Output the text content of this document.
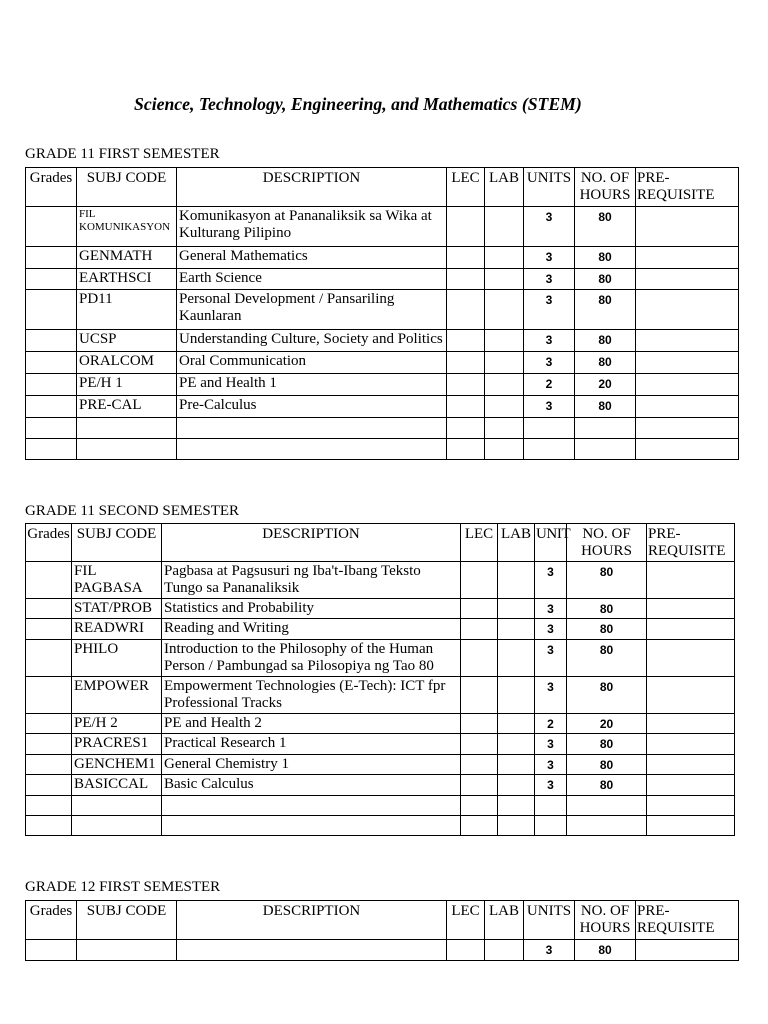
Science, Technology, Engineering, and Mathematics (STEM)
GRADE 11 FIRST SEMESTER
Grades	SUBJ CODE	DESCRIPTION	LEC	LAB	UNITS	NO. OF HOURS	PRE-REQUISITE
	FIL KOMUNIKASYON	Komunikasyon at Pananaliksik sa Wika at Kulturang Pilipino			3	80	
	GENMATH	General Mathematics			3	80	
	EARTHSCI	Earth Science			3	80	
	PD11	Personal Development / Pansariling Kaunlaran			3	80	
	UCSP	Understanding Culture, Society and Politics			3	80	
	ORALCOM	Oral Communication			3	80	
	PE/H 1	PE and Health 1			2	20	
	PRE-CAL	Pre-Calculus			3	80	

GRADE 11 SECOND SEMESTER
Grades	SUBJ CODE	DESCRIPTION	LEC	LAB	UNIT	NO. OF HOURS	PRE-REQUISITE
	FIL PAGBASA	Pagbasa at Pagsusuri ng Iba't-Ibang Teksto Tungo sa Pananaliksik			3	80	
	STAT/PROB	Statistics and Probability			3	80	
	READWRI	Reading and Writing			3	80	
	PHILO	Introduction to the Philosophy of the Human Person / Pambungad sa Pilosopiya ng Tao 80			3	80	
	EMPOWER	Empowerment Technologies (E-Tech): ICT fpr Professional Tracks			3	80	
	PE/H 2	PE and Health 2			2	20	
	PRACRES1	Practical Research 1			3	80	
	GENCHEM1	General Chemistry 1			3	80	
	BASICCAL	Basic Calculus			3	80	

GRADE 12 FIRST SEMESTER
Grades	SUBJ CODE	DESCRIPTION	LEC	LAB	UNITS	NO. OF HOURS	PRE-REQUISITE
					3	80	
